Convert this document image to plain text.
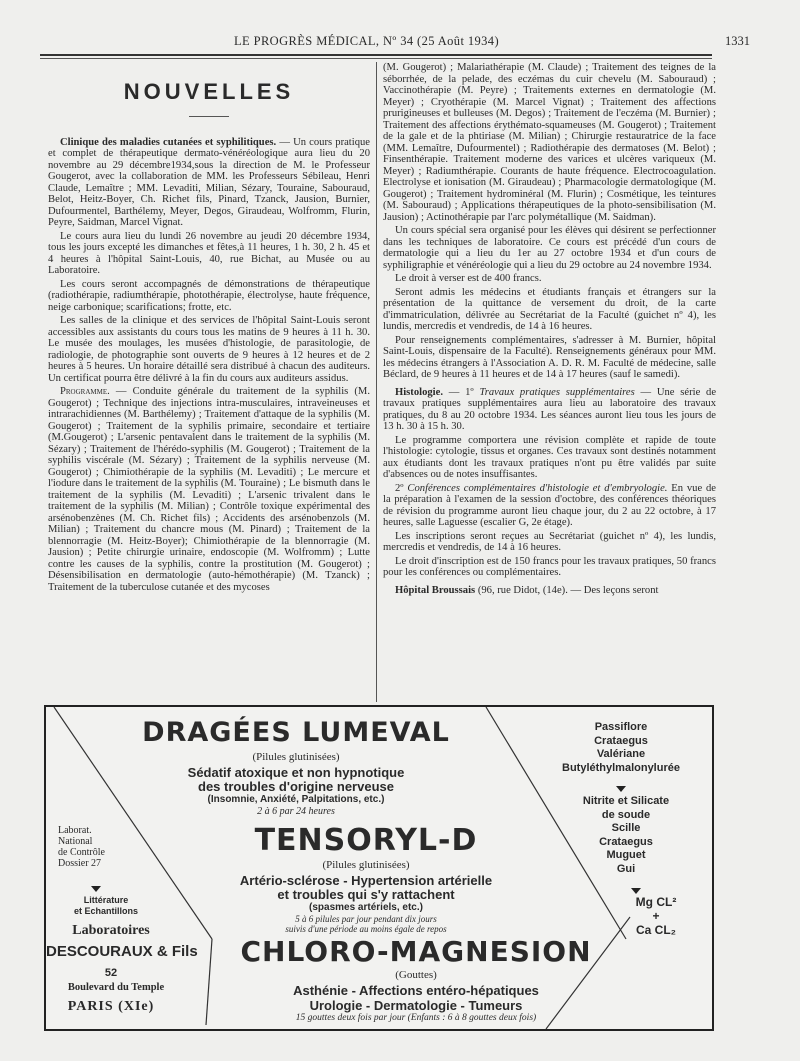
LE PROGRÈS MÉDICAL, Nº 34 (25 Août 1934)	1331
NOUVELLES

Clinique des maladies cutanées et syphilitiques. — Un cours pratique et complet de thérapeutique dermato-vénéréologique aura lieu du 20 novembre au 29 décembre1934,sous la direction de M. le Professeur Gougerot, avec la collaboration de MM. les Professeurs Sébileau, Henri Claude, Lemaître ; MM. Levaditi, Milian, Sézary, Touraine, Sabouraud, Belot, Heitz-Boyer, Ch. Richet fils, Pinard, Tzanck, Jausion, Burnier, Dufourmentel, Barthélemy, Meyer, Degos, Giraudeau, Wolfromm, Flurin, Peyre, Saidman, Marcel Vignat.

Le cours aura lieu du lundi 26 novembre au jeudi 20 décembre 1934, tous les jours excepté les dimanches et fêtes,à 11 heures, 1 h. 30, 2 h. 45 et 4 heures à l'hôpital Saint-Louis, 40, rue Bichat, au Musée ou au Laboratoire.

Les cours seront accompagnés de démonstrations de thérapeutique (radiothérapie, radiumthérapie, photothérapie, électrolyse, haute fréquence, neige carbonique; scarifications; frotte, etc.

Les salles de la clinique et des services de l'hôpital Saint-Louis seront accessibles aux assistants du cours tous les matins de 9 heures à 11 h. 30. Le musée des moulages, les musées d'histologie, de parasitologie, de radiologie, de photographie sont ouverts de 9 heures à 12 heures et de 2 heures à 5 heures. Un horaire détaillé sera distribué à chacun des auditeurs. Un certificat pourra être délivré à la fin du cours aux auditeurs assidus.

Programme. — Conduite générale du traitement de la syphilis (M. Gougerot) ; Technique des injections intra-musculaires, intraveineuses et intrarachidiennes (M. Barthélemy) ; Traitement d'attaque de la syphilis (M. Gougerot) ; Traitement de la syphilis primaire, secondaire et tertiaire (M.Gougerot) ; L'arsenic pentavalent dans le traitement de la syphilis (M. Sézary) ; Traitement de l'hérédo-syphilis (M. Gougerot) ; Traitement de la syphilis viscérale (M. Sézary) ; Traitement de la syphilis nerveuse (M. Gougerot) ; Chimiothérapie de la syphilis (M. Levaditi) ; Le mercure et l'iodure dans le traitement de la syphilis (M. Touraine) ; Le bismuth dans le traitement de la syphilis (M. Levaditi) ; L'arsenic trivalent dans le traitement de la syphilis (M. Milian) ; Contrôle toxique expérimental des arsénobenzènes (M. Ch. Richet fils) ; Accidents des arsénobenzols (M. Milian) ; Traitement du chancre mous (M. Pinard) ; Traitement de la blennorragie (M. Heitz-Boyer); Chimiothérapie de la blennorragie (M. Jausion) ; Petite chirurgie urinaire, endoscopie (M. Wolfromm) ; Lutte contre les causes de la syphilis, contre la prostitution (M. Gougerot) ; Désensibilisation en dermatologie (auto-hémothérapie) (M. Tzanck) ; Traitement de la tuberculose cutanée et des mycoses

(M. Gougerot) ; Malariathérapie (M. Claude) ; Traitement des teignes de la séborrhée, de la pelade, des eczémas du cuir chevelu (M. Sabouraud) ; Vaccinothérapie (M. Peyre) ; Traitements externes en dermatologie (M. Meyer) ; Cryothérapie (M. Marcel Vignat) ; Traitement des affections prurigineuses et bulleuses (M. Degos) ; Traitement de l'eczéma (M. Burnier) ; Traitement des affections érythémato-squameuses (M. Gougerot) ; Traitement de la gale et de la phtiriase (M. Milian) ; Chirurgie restauratrice de la face (MM. Lemaître, Dufourmentel) ; Radiothérapie des dermatoses (M. Belot) ; Finsenthérapie. Traitement moderne des varices et ulcères variqueux (M. Meyer) ; Radiumthérapie. Courants de haute fréquence. Electrocoagulation. Electrolyse et ionisation (M. Giraudeau) ; Pharmacologie dermatologique (M. Gougerot) ; Traitement hydrominéral (M. Flurin) ; Cosmétique, les teintures (M. Sabouraud) ; Applications thérapeutiques de la photo-sensibilisation (M. Jausion) ; Actinothérapie par l'arc polymétallique (M. Saidman).

Un cours spécial sera organisé pour les élèves qui désirent se perfectionner dans les techniques de laboratoire. Ce cours est précédé d'un cours de dermatologie qui a lieu du 1er au 27 octobre 1934 et d'un cours de syphiligraphie et vénéréologie qui a lieu du 29 octobre au 24 novembre 1934.

Le droit à verser est de 400 francs.

Seront admis les médecins et étudiants français et étrangers sur la présentation de la quittance de versement du droit, de la carte d'immatriculation, délivrée au Secrétariat de la Faculté (guichet nº 4), les lundis, mercredis et vendredis, de 14 à 16 heures.

Pour renseignements complémentaires, s'adresser à M. Burnier, hôpital Saint-Louis, dispensaire de la Faculté). Renseignements généraux pour MM. les médecins étrangers à l'Association A. D. R. M. Faculté de médecine, salle Béclard, de 9 heures à 11 heures et de 14 à 17 heures (sauf le samedi).

Histologie. — 1º Travaux pratiques supplémentaires — Une série de travaux pratiques supplémentaires aura lieu au laboratoire des travaux pratiques, du 8 au 20 octobre 1934. Les séances auront lieu tous les jours de 13 h. 30 à 15 h. 30.

Le programme comportera une révision complète et rapide de toute l'histologie: cytologie, tissus et organes. Ces travaux sont destinés notamment aux étudiants dont les travaux pratiques n'ont pu être validés par suite d'absences ou de notes insuffisantes.

2º Conférences complémentaires d'histologie et d'embryologie. En vue de la préparation à l'examen de la session d'octobre, des conférences théoriques de révision du programme auront lieu chaque jour, du 2 au 22 octobre, à 17 heures, salle Laguesse (escalier G, 2e étage).

Les inscriptions seront reçues au Secrétariat (guichet nº 4), les lundis, mercredis et vendredis, de 14 à 16 heures.

Le droit d'inscription est de 150 francs pour les travaux pratiques, 50 francs pour les conférences ou complémentaires.

Hôpital Broussais (96, rue Didot, (14e). — Des leçons seront

DRAGÉES LUMEVAL
(Pilules glutinisées)
Sédatif atoxique et non hypnotique
des troubles d'origine nerveuse
(Insomnie, Anxiété, Palpitations, etc.)
2 à 6 par 24 heures
TENSORYL-D
(Pilules glutinisées)
Artério-sclérose - Hypertension artérielle
et troubles qui s'y rattachent
(spasmes artériels, etc.)
5 à 6 pilules par jour pendant dix jours
suivis d'une période au moins égale de repos
CHLORO-MAGNESION
(Gouttes)
Asthénie - Affections entéro-hépatiques
Urologie - Dermatologie - Tumeurs
15 gouttes deux fois par jour (Enfants : 6 à 8 gouttes deux fois)
Laborat.
National
de Contrôle
Dossier 27
Littérature
et Echantillons
Laboratoires
DESCOURAUX & Fils
52
Boulevard du Temple
PARIS (XIe)
Passiflore
Crataegus
Valériane
Butyléthylmalonylurée
Nitrite et Silicate
de soude
Scille
Crataegus
Muguet
Gui
Mg CL²
+
Ca CL₂
